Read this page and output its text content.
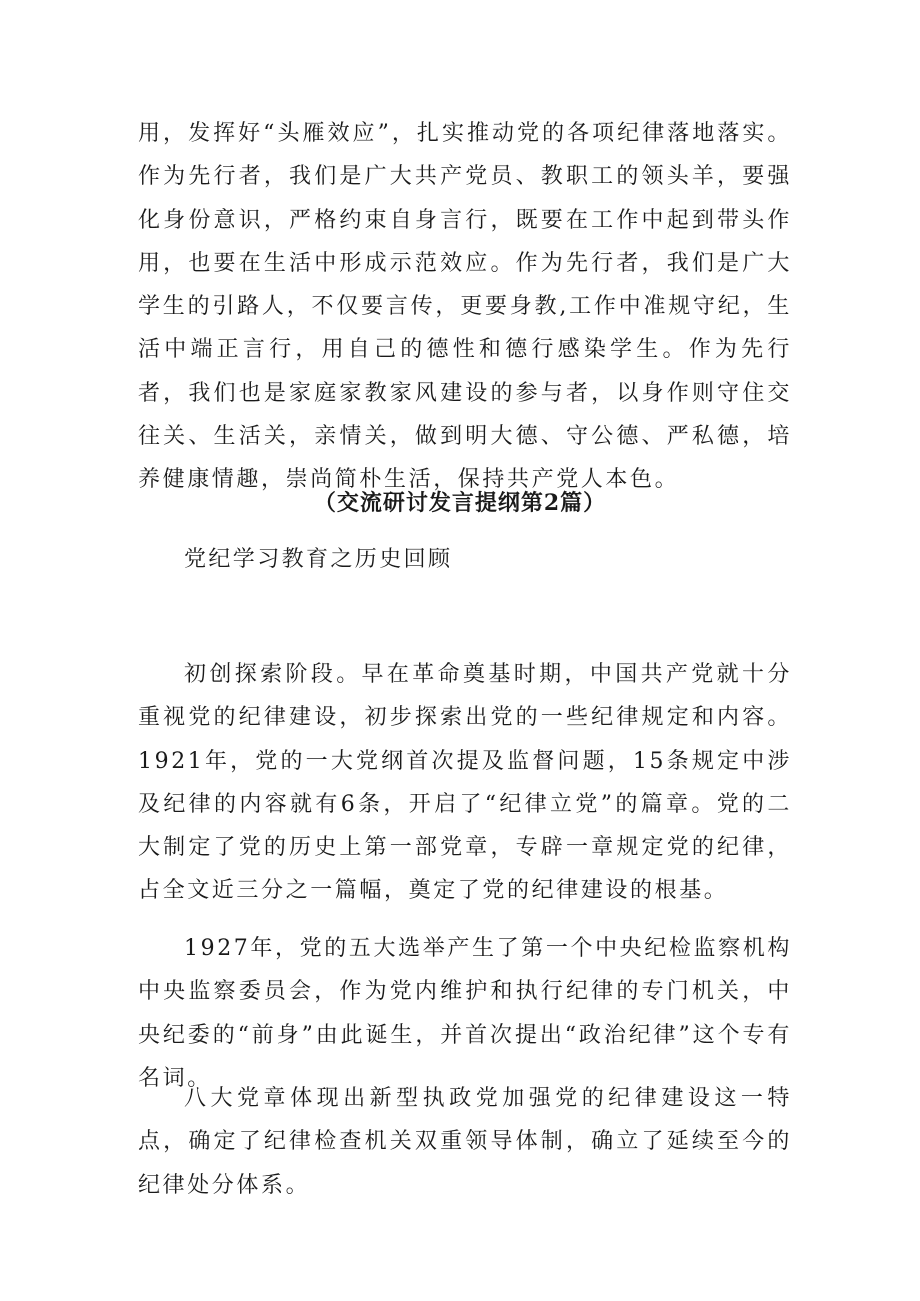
用，发挥好“头雁效应”，扎实推动党的各项纪律落地落实。作为先行者，我们是广大共产党员、教职工的领头羊，要强化身份意识，严格约束自身言行，既要在工作中起到带头作用，也要在生活中形成示范效应。作为先行者，我们是广大学生的引路人，不仅要言传，更要身教,工作中准规守纪，生活中端正言行，用自己的德性和德行感染学生。作为先行者，我们也是家庭家教家风建设的参与者，以身作则守住交往关、生活关，亲情关，做到明大德、守公德、严私德，培养健康情趣，崇尚简朴生活，保持共产党人本色。

（交流研讨发言提纲第2篇）

党纪学习教育之历史回顾

初创探索阶段。早在革命奠基时期，中国共产党就十分重视党的纪律建设，初步探索出党的一些纪律规定和内容。1921年，党的一大党纲首次提及监督问题，15条规定中涉及纪律的内容就有6条，开启了“纪律立党”的篇章。党的二大制定了党的历史上第一部党章，专辟一章规定党的纪律，占全文近三分之一篇幅，奠定了党的纪律建设的根基。

1927年，党的五大选举产生了第一个中央纪检监察机构　　中央监察委员会，作为党内维护和执行纪律的专门机关，中央纪委的“前身”由此诞生，并首次提出“政治纪律”这个专有名词。

八大党章体现出新型执政党加强党的纪律建设这一特点，确定了纪律检查机关双重领导体制，确立了延续至今的纪律处分体系。
